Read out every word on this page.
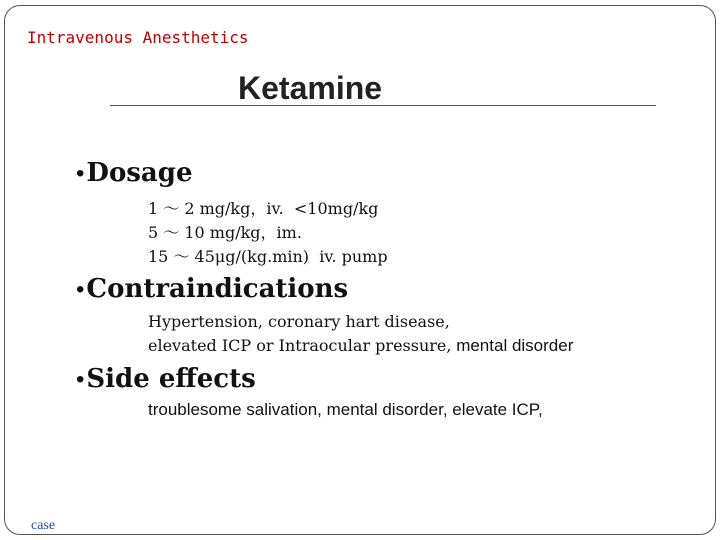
Intravenous Anesthetics
Ketamine
•Dosage
1 ～ 2 mg/kg，iv.  <10mg/kg
5 ～ 10 mg/kg，im.
15 ～ 45μg/(kg.min)  iv. pump
•Contraindications
Hypertension, coronary hart disease,
elevated ICP or Intraocular pressure, mental disorder
•Side effects
troublesome salivation, mental disorder, elevate ICP,
case
